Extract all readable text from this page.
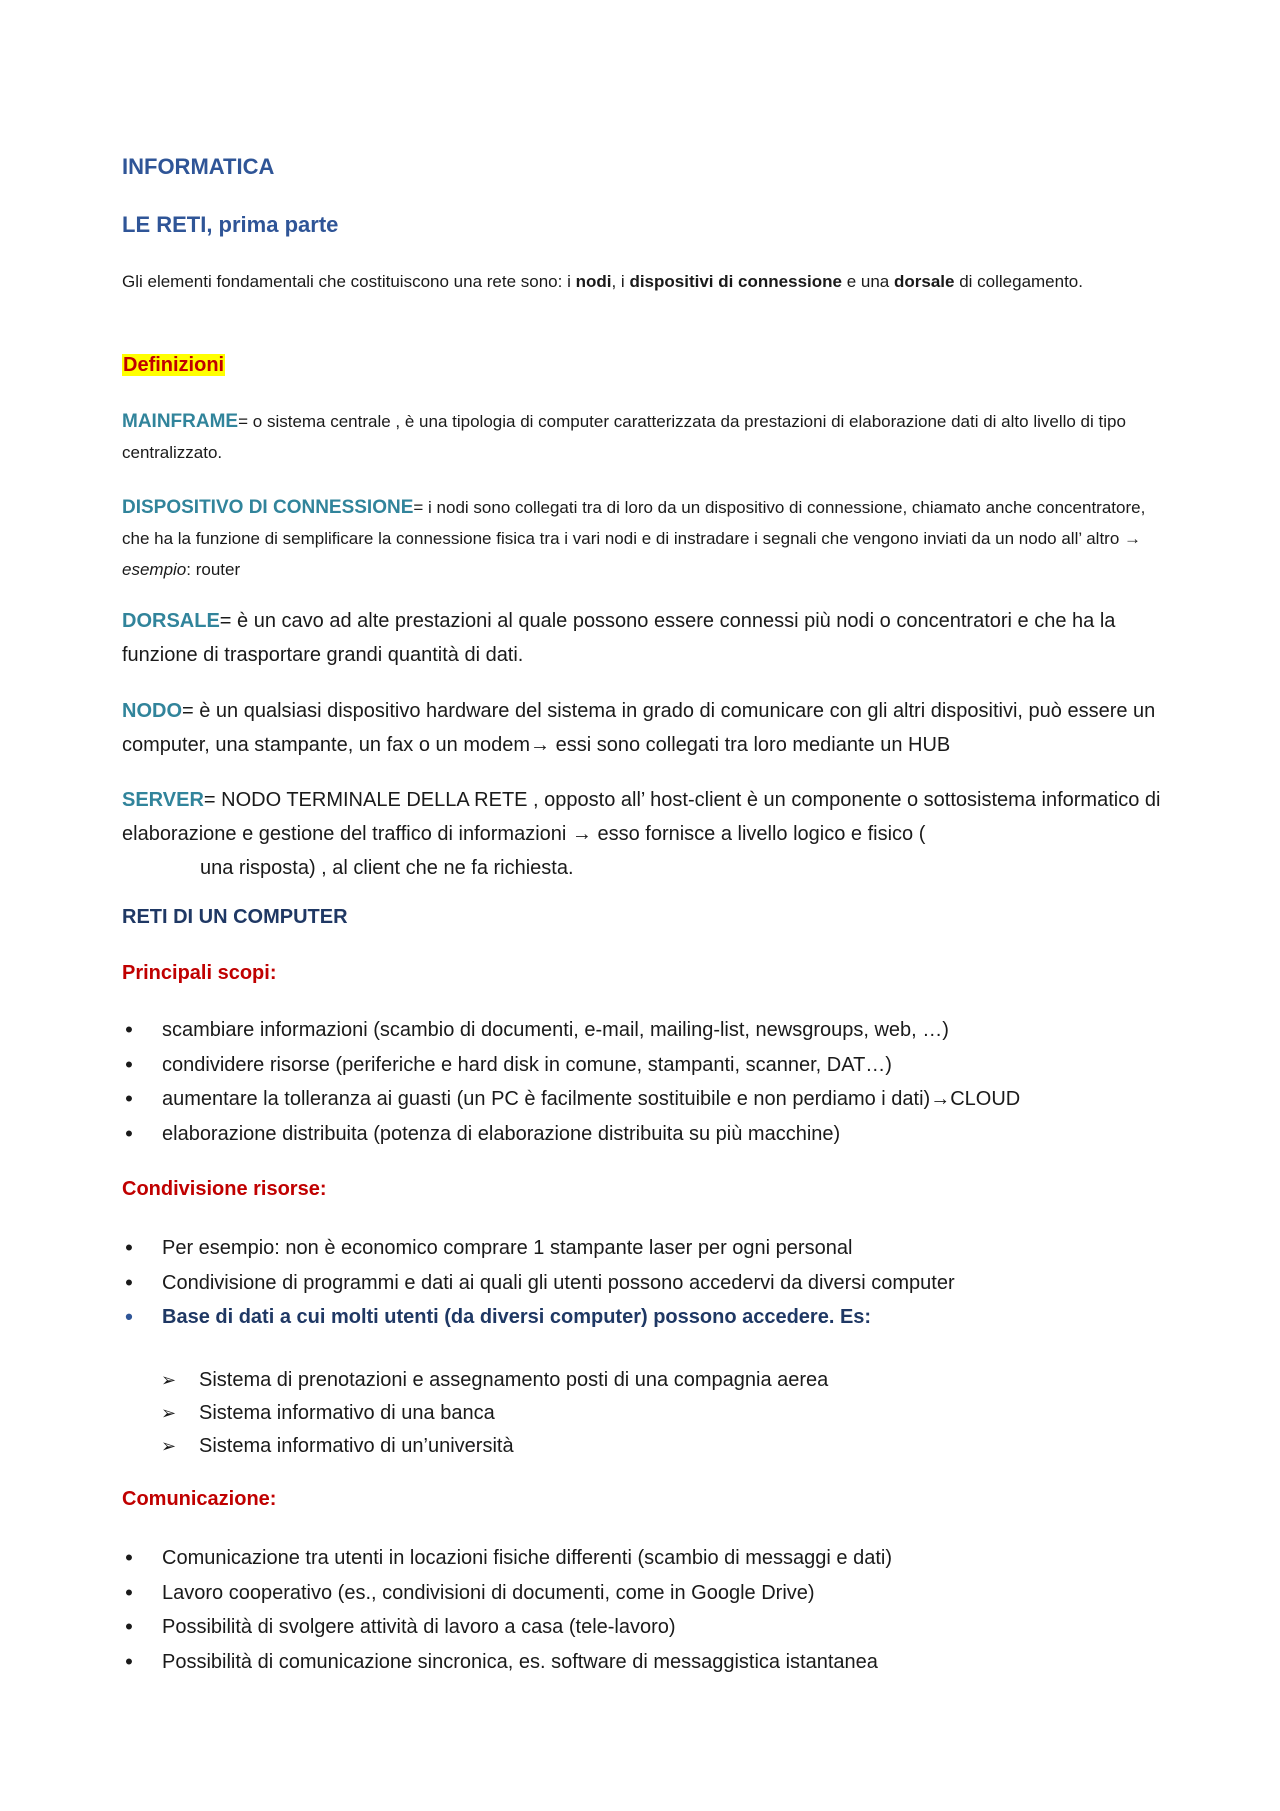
INFORMATICA
LE RETI, prima parte

Gli elementi fondamentali che costituiscono una rete sono: i nodi, i dispositivi di connessione e una dorsale di collegamento.

Definizioni

MAINFRAME= o sistema centrale , è una tipologia di computer caratterizzata da prestazioni di elaborazione dati di alto livello di tipo centralizzato.

DISPOSITIVO DI CONNESSIONE= i nodi sono collegati tra di loro da un dispositivo di connessione, chiamato anche concentratore, che ha la funzione di semplificare la connessione fisica tra i vari nodi e di instradare i segnali che vengono inviati da un nodo all’ altro → esempio: router

DORSALE= è un cavo ad alte prestazioni al quale possono essere connessi più nodi o concentratori e che ha la funzione di trasportare grandi quantità di dati.

NODO= è un qualsiasi dispositivo hardware del sistema in grado di comunicare con gli altri dispositivi, può essere un computer, una stampante, un fax o un modem→ essi sono collegati tra loro mediante un HUB

SERVER= NODO TERMINALE DELLA RETE , opposto all’ host-client è un componente o sottosistema informatico di elaborazione e gestione del traffico di informazioni → esso fornisce a livello logico e fisico (
una risposta) , al client che ne fa richiesta.

RETI DI UN COMPUTER
Principali scopi:
• scambiare informazioni (scambio di documenti, e-mail, mailing-list, newsgroups, web, …)
• condividere risorse (periferiche e hard disk in comune, stampanti, scanner, DAT…)
• aumentare la tolleranza ai guasti (un PC è facilmente sostituibile e non perdiamo i dati)→CLOUD
• elaborazione distribuita (potenza di elaborazione distribuita su più macchine)
Condivisione risorse:
• Per esempio: non è economico comprare 1 stampante laser per ogni personal
• Condivisione di programmi e dati ai quali gli utenti possono accedervi da diversi computer
• Base di dati a cui molti utenti (da diversi computer) possono accedere. Es:
➢ Sistema di prenotazioni e assegnamento posti di una compagnia aerea
➢ Sistema informativo di una banca
➢ Sistema informativo di un’università
Comunicazione:
• Comunicazione tra utenti in locazioni fisiche differenti (scambio di messaggi e dati)
• Lavoro cooperativo (es., condivisioni di documenti, come in Google Drive)
• Possibilità di svolgere attività di lavoro a casa (tele-lavoro)
• Possibilità di comunicazione sincronica, es. software di messaggistica istantanea
